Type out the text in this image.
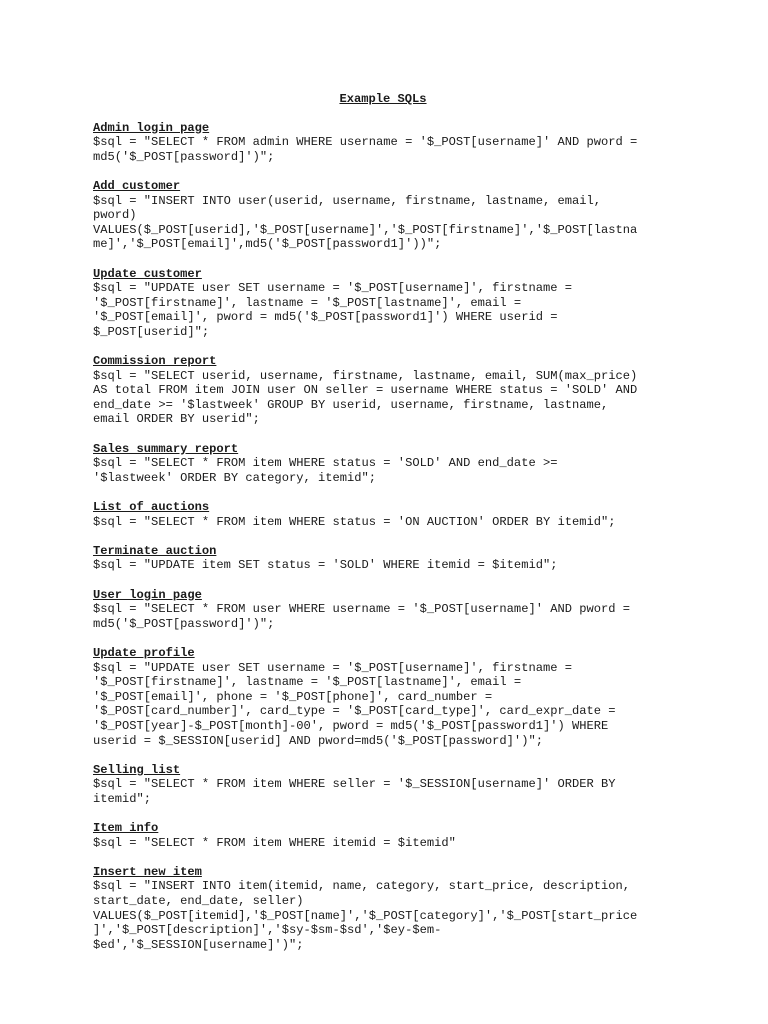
Example SQLs
Admin login page
$sql = "SELECT * FROM admin WHERE username = '$_POST[username]' AND pword =
md5('$_POST[password]')";
Add customer
$sql = "INSERT INTO user(userid, username, firstname, lastname, email,
pword)
VALUES($_POST[userid],'$_POST[username]','$_POST[firstname]','$_POST[lastna
me]','$_POST[email]',md5('$_POST[password1]'))";
Update customer
$sql = "UPDATE user SET username = '$_POST[username]', firstname =
'$_POST[firstname]', lastname = '$_POST[lastname]', email =
'$_POST[email]', pword = md5('$_POST[password1]') WHERE userid =
$_POST[userid]";
Commission report
$sql = "SELECT userid, username, firstname, lastname, email, SUM(max_price)
AS total FROM item JOIN user ON seller = username WHERE status = 'SOLD' AND
end_date >= '$lastweek' GROUP BY userid, username, firstname, lastname,
email ORDER BY userid";
Sales summary report
$sql = "SELECT * FROM item WHERE status = 'SOLD' AND end_date >=
'$lastweek' ORDER BY category, itemid";
List of auctions
$sql = "SELECT * FROM item WHERE status = 'ON AUCTION' ORDER BY itemid";
Terminate auction
$sql = "UPDATE item SET status = 'SOLD' WHERE itemid = $itemid";
User login page
$sql = "SELECT * FROM user WHERE username = '$_POST[username]' AND pword =
md5('$_POST[password]')";
Update profile
$sql = "UPDATE user SET username = '$_POST[username]', firstname =
'$_POST[firstname]', lastname = '$_POST[lastname]', email =
'$_POST[email]', phone = '$_POST[phone]', card_number =
'$_POST[card_number]', card_type = '$_POST[card_type]', card_expr_date =
'$_POST[year]-$_POST[month]-00', pword = md5('$_POST[password1]') WHERE
userid = $_SESSION[userid] AND pword=md5('$_POST[password]')";
Selling list
$sql = "SELECT * FROM item WHERE seller = '$_SESSION[username]' ORDER BY
itemid";
Item info
$sql = "SELECT * FROM item WHERE itemid = $itemid"
Insert new item
$sql = "INSERT INTO item(itemid, name, category, start_price, description,
start_date, end_date, seller)
VALUES($_POST[itemid],'$_POST[name]','$_POST[category]','$_POST[start_price
]','$_POST[description]','$sy-$sm-$sd','$ey-$em-
$ed','$_SESSION[username]')";
